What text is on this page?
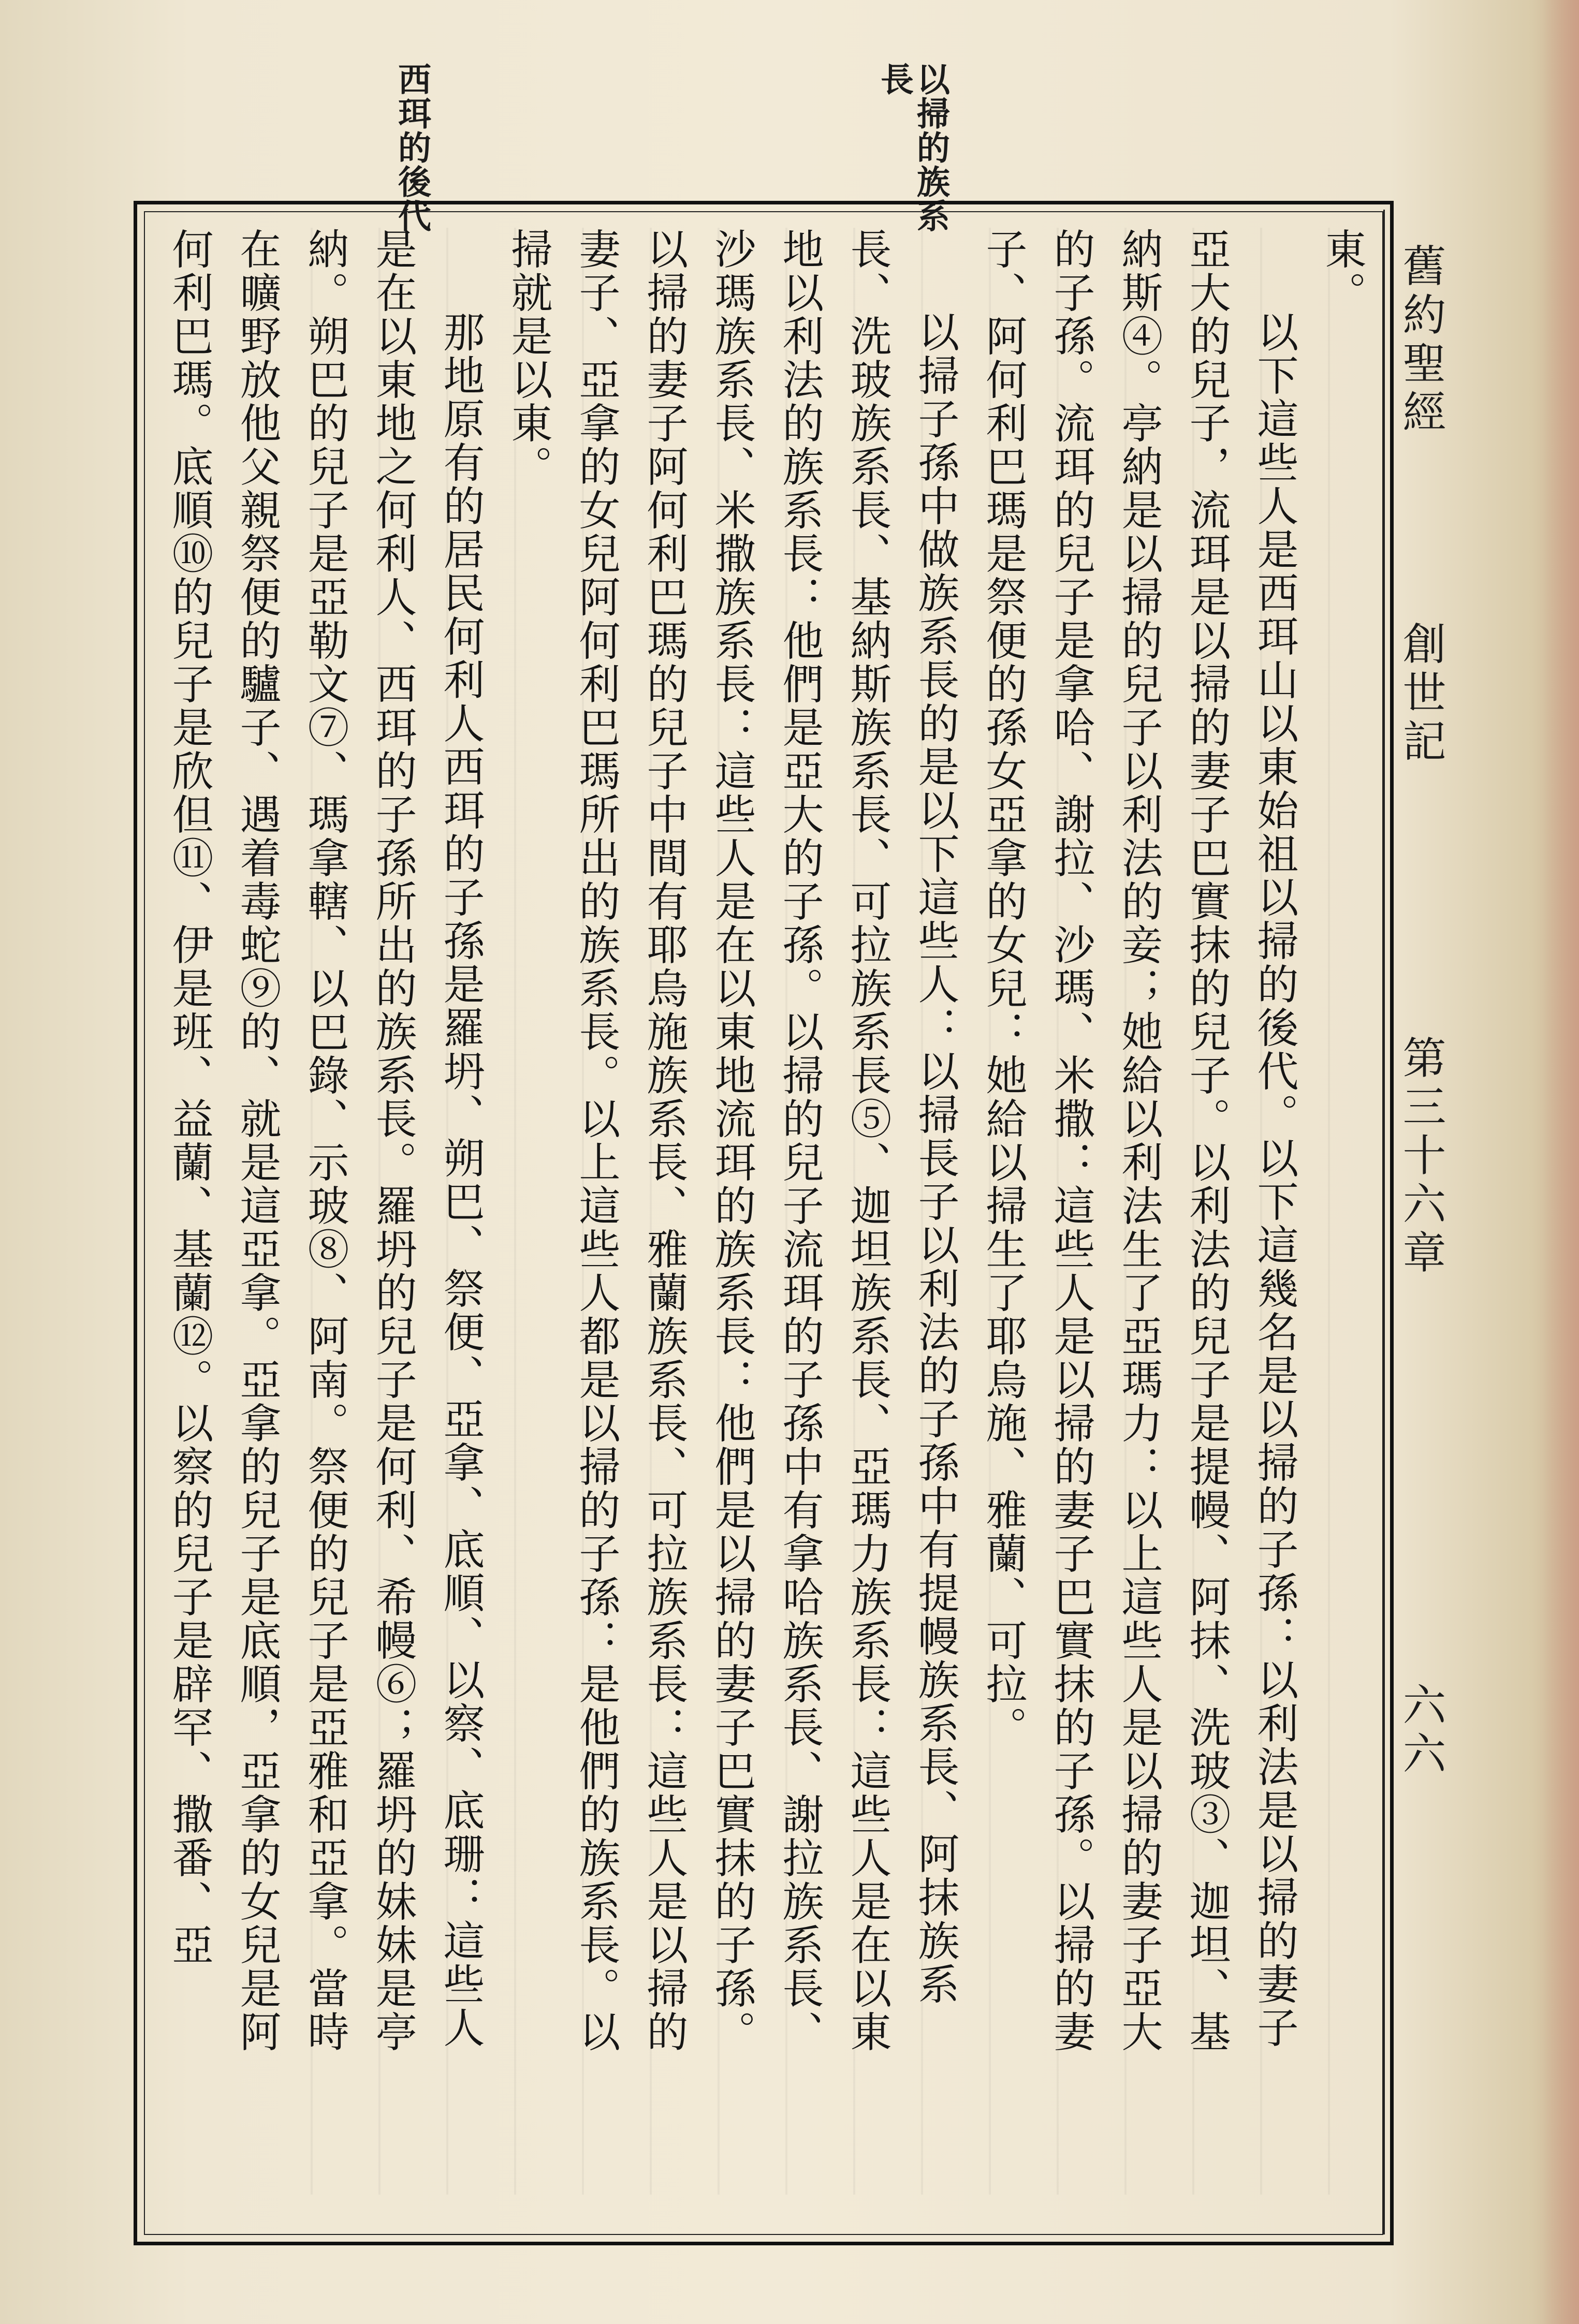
以掃的族系長
西珥的後代
舊約聖經
創世記
第三十六章
六六
東。
以下這些人是西珥山以東始祖以掃的後代。以下這幾名是以掃的子孫：以利法是以掃的妻子
亞大的兒子，流珥是以掃的妻子巴實抹的兒子。以利法的兒子是提幔、阿抹、洗玻③、迦坦、基
納斯④。亭納是以掃的兒子以利法的妾；她給以利法生了亞瑪力：以上這些人是以掃的妻子亞大
的子孫。流珥的兒子是拿哈、謝拉、沙瑪、米撒：這些人是以掃的妻子巴實抹的子孫。以掃的妻
子、阿何利巴瑪是祭便的孫女亞拿的女兒：她給以掃生了耶烏施、雅蘭、可拉。
以掃子孫中做族系長的是以下這些人：以掃長子以利法的子孫中有提幔族系長、阿抹族系
長、洗玻族系長、基納斯族系長、可拉族系長⑤、迦坦族系長、亞瑪力族系長：這些人是在以東
地以利法的族系長：他們是亞大的子孫。以掃的兒子流珥的子孫中有拿哈族系長、謝拉族系長、
沙瑪族系長、米撒族系長：這些人是在以東地流珥的族系長：他們是以掃的妻子巴實抹的子孫。
以掃的妻子阿何利巴瑪的兒子中間有耶烏施族系長、雅蘭族系長、可拉族系長：這些人是以掃的
妻子、亞拿的女兒阿何利巴瑪所出的族系長。以上這些人都是以掃的子孫：是他們的族系長。以
掃就是以東。
那地原有的居民何利人西珥的子孫是羅坍、朔巴、祭便、亞拿、底順、以察、底珊：這些人
是在以東地之何利人、西珥的子孫所出的族系長。羅坍的兒子是何利、希幔⑥；羅坍的妹妹是亭
納。朔巴的兒子是亞勒文⑦、瑪拿轄、以巴錄、示玻⑧、阿南。祭便的兒子是亞雅和亞拿。當時
在曠野放他父親祭便的驢子、遇着毒蛇⑨的、就是這亞拿。亞拿的兒子是底順，亞拿的女兒是阿
何利巴瑪。底順⑩的兒子是欣但⑪、伊是班、益蘭、基蘭⑫。以察的兒子是辟罕、撒番、亞
